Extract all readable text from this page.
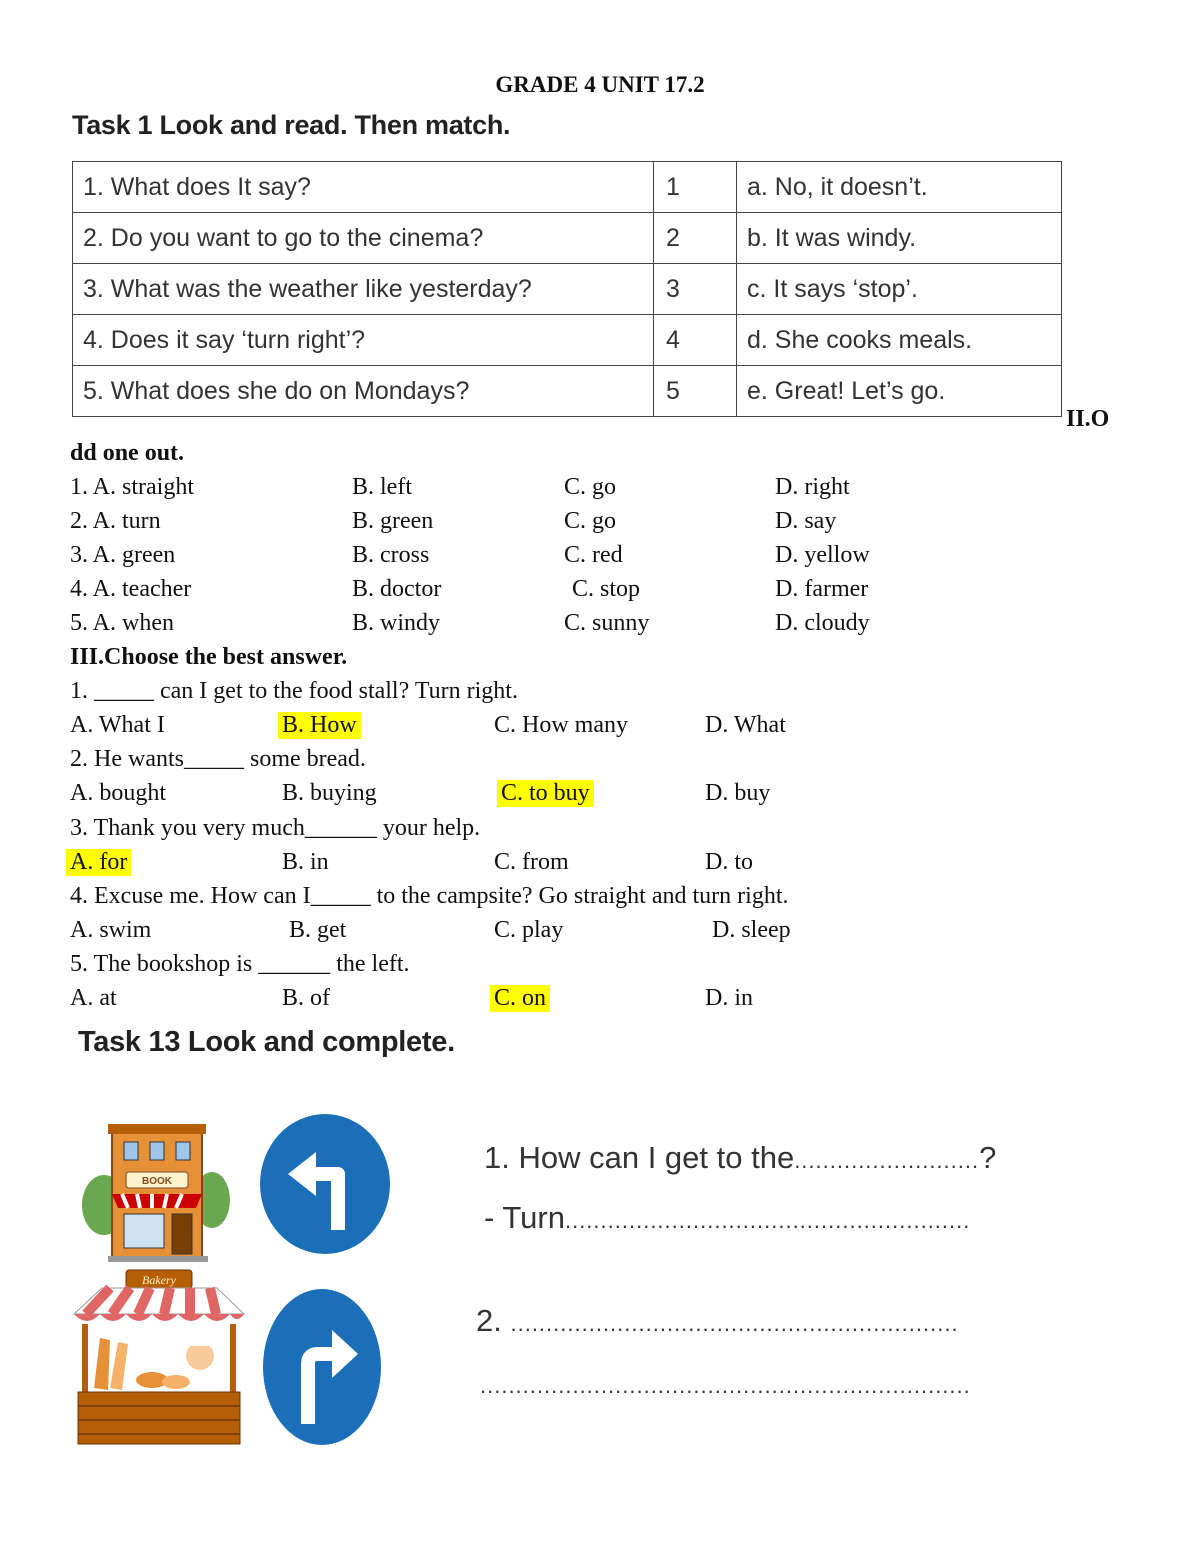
GRADE 4 UNIT 17.2
Task 1 Look and read. Then match.
1. What does It say?	1	a. No, it doesn’t.
2. Do you want to go to the cinema?	2	b. It was windy.
3. What was the weather like yesterday?	3	c. It says ‘stop’.
4. Does it say ‘turn right’?	4	d. She cooks meals.
5. What does she do on Mondays?	5	e. Great! Let’s go.
II.O
dd one out.
1. A. straight	B. left	C. go	D. right
2. A. turn	B. green	C. go	D. say
3. A. green	B. cross	C. red	D. yellow
4. A. teacher	B. doctor	C. stop	D. farmer
5. A. when	B. windy	C. sunny	D. cloudy
III.Choose the best answer.
1. _____ can I get to the food stall? Turn right.
A. What I	B. How	C. How many	D. What
2. He wants_____ some bread.
A. bought	B. buying	C. to buy	D. buy
3. Thank you very much______ your help.
A. for	B. in	C. from	D. to
4. Excuse me. How can I_____ to the campsite? Go straight and turn right.
A. swim	B. get	C. play	D. sleep
5. The bookshop is ______ the left.
A. at	B. of	C. on	D. in
Task 13 Look and complete.
BOOK
Bakery
1. How can I get to the..........................?
- Turn.........................................................
2. ...............................................................
.....................................................................
